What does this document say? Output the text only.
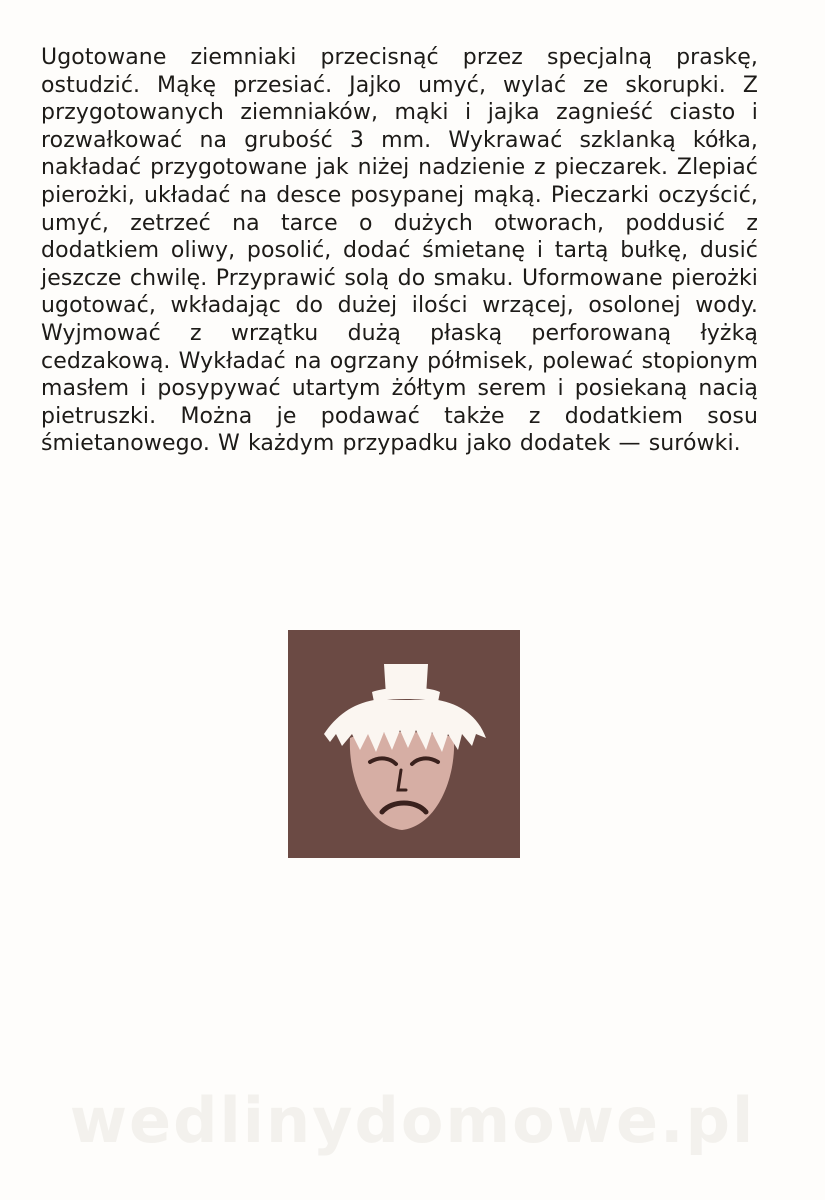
Ugotowane ziemniaki przecisnąć przez specjalną praskę, ostudzić. Mąkę przesiać. Jajko umyć, wylać ze skorupki. Z przygotowanych ziemniaków, mąki i jajka zagnieść ciasto i rozwałkować na grubość 3 mm. Wykrawać szklanką kółka, nakładać przygotowane jak niżej nadzienie z pieczarek. Zlepiać pierożki, układać na desce posypanej mąką. Pieczarki oczyścić, umyć, zetrzeć na tarce o dużych otworach, poddusić z dodatkiem oliwy, posolić, dodać śmietanę i tartą bułkę, dusić jeszcze chwilę. Przyprawić solą do smaku. Uformowane pierożki ugotować, wkładając do dużej ilości wrzącej, osolonej wody. Wyjmować z wrzątku dużą płaską perforowaną łyżką cedzakową. Wykładać na ogrzany półmisek, polewać stopionym masłem i posypywać utartym żółtym serem i posiekaną nacią pietruszki. Można je podawać także z dodatkiem sosu śmietanowego. W każdym przypadku jako dodatek — surówki.

wedlinydomowe.pl
